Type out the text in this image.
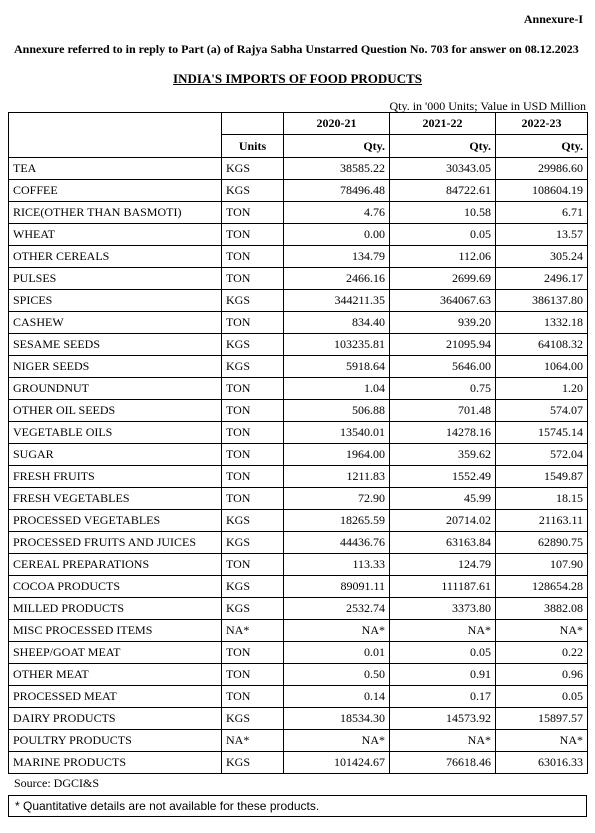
Annexure-I
Annexure referred to in reply to Part (a) of Rajya Sabha Unstarred Question No. 703 for answer on 08.12.2023
INDIA'S IMPORTS OF FOOD PRODUCTS
Qty. in '000 Units; Value in USD Million
		2020-21	2021-22	2022-23
	Units	Qty.	Qty.	Qty.
TEA	KGS	38585.22	30343.05	29986.60
COFFEE	KGS	78496.48	84722.61	108604.19
RICE(OTHER THAN BASMOTI)	TON	4.76	10.58	6.71
WHEAT	TON	0.00	0.05	13.57
OTHER CEREALS	TON	134.79	112.06	305.24
PULSES	TON	2466.16	2699.69	2496.17
SPICES	KGS	344211.35	364067.63	386137.80
CASHEW	TON	834.40	939.20	1332.18
SESAME SEEDS	KGS	103235.81	21095.94	64108.32
NIGER SEEDS	KGS	5918.64	5646.00	1064.00
GROUNDNUT	TON	1.04	0.75	1.20
OTHER OIL SEEDS	TON	506.88	701.48	574.07
VEGETABLE OILS	TON	13540.01	14278.16	15745.14
SUGAR	TON	1964.00	359.62	572.04
FRESH FRUITS	TON	1211.83	1552.49	1549.87
FRESH VEGETABLES	TON	72.90	45.99	18.15
PROCESSED VEGETABLES	KGS	18265.59	20714.02	21163.11
PROCESSED FRUITS AND JUICES	KGS	44436.76	63163.84	62890.75
CEREAL PREPARATIONS	TON	113.33	124.79	107.90
COCOA PRODUCTS	KGS	89091.11	111187.61	128654.28
MILLED PRODUCTS	KGS	2532.74	3373.80	3882.08
MISC PROCESSED ITEMS	NA*	NA*	NA*	NA*
SHEEP/GOAT MEAT	TON	0.01	0.05	0.22
OTHER MEAT	TON	0.50	0.91	0.96
PROCESSED MEAT	TON	0.14	0.17	0.05
DAIRY PRODUCTS	KGS	18534.30	14573.92	15897.57
POULTRY PRODUCTS	NA*	NA*	NA*	NA*
MARINE PRODUCTS	KGS	101424.67	76618.46	63016.33
Source: DGCI&S
* Quantitative details are not available for these products.
